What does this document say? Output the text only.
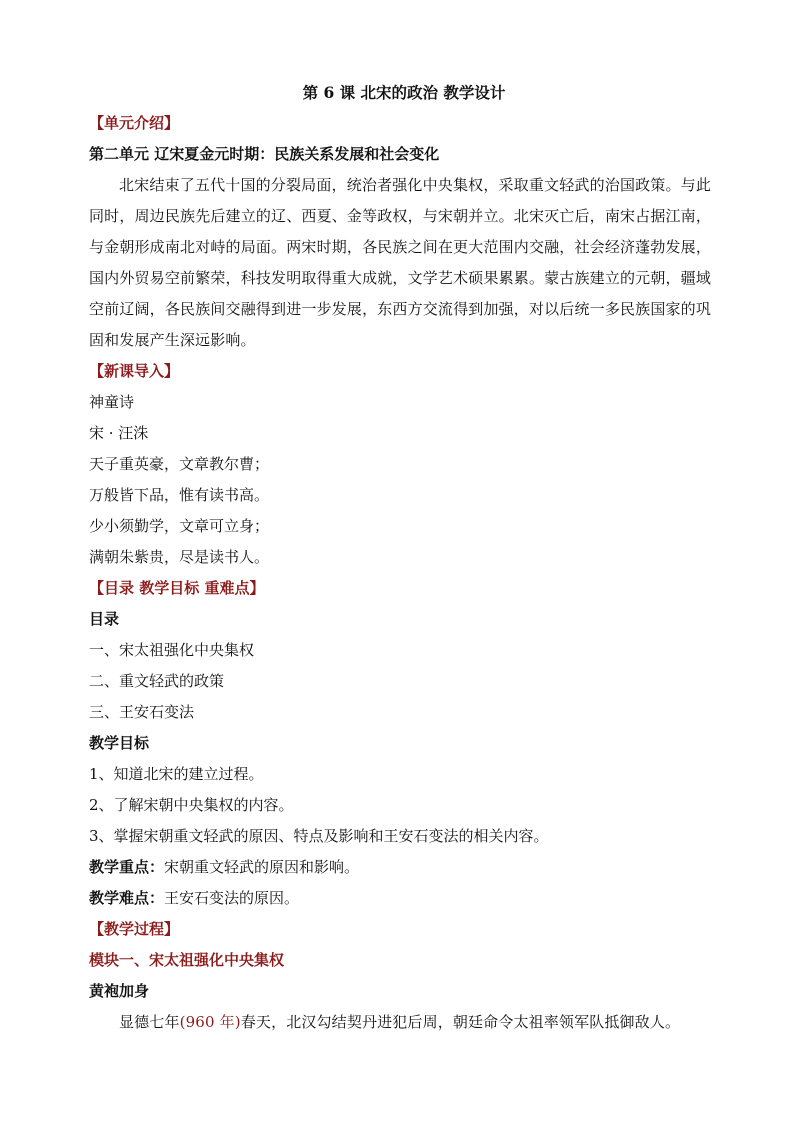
第 6 课 北宋的政治 教学设计
【单元介绍】
第二单元 辽宋夏金元时期：民族关系发展和社会变化
北宋结束了五代十国的分裂局面，统治者强化中央集权，采取重文轻武的治国政策。与此同时，周边民族先后建立的辽、西夏、金等政权，与宋朝并立。北宋灭亡后，南宋占据江南，与金朝形成南北对峙的局面。两宋时期，各民族之间在更大范围内交融，社会经济蓬勃发展，国内外贸易空前繁荣，科技发明取得重大成就，文学艺术硕果累累。蒙古族建立的元朝，疆域空前辽阔，各民族间交融得到进一步发展，东西方交流得到加强，对以后统一多民族国家的巩固和发展产生深远影响。
【新课导入】
神童诗
宋 · 汪洙
天子重英豪，文章教尔曹；
万般皆下品，惟有读书高。
少小须勤学，文章可立身；
满朝朱紫贵，尽是读书人。
【目录 教学目标 重难点】
目录
一、宋太祖强化中央集权
二、重文轻武的政策
三、王安石变法
教学目标
1、知道北宋的建立过程。
2、了解宋朝中央集权的内容。
3、掌握宋朝重文轻武的原因、特点及影响和王安石变法的相关内容。
教学重点：宋朝重文轻武的原因和影响。
教学难点：王安石变法的原因。
【教学过程】
模块一、宋太祖强化中央集权
黄袍加身
显德七年(960 年)春天，北汉勾结契丹进犯后周，朝廷命令太祖率领军队抵御敌人。
